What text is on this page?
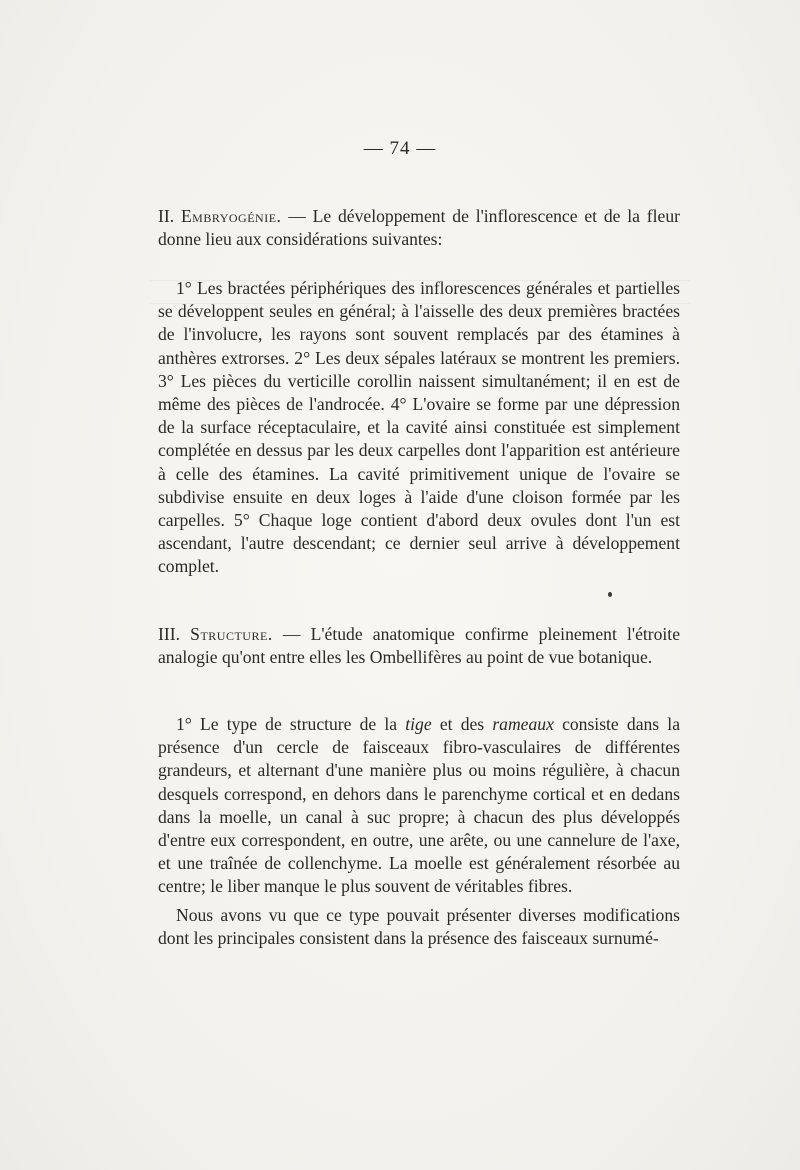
— 74 —
II. Embryogénie. — Le développement de l'inflorescence et de la fleur donne lieu aux considérations suivantes:
1° Les bractées périphériques des inflorescences générales et partielles se développent seules en général; à l'aisselle des deux premières bractées de l'involucre, les rayons sont souvent remplacés par des étamines à anthères extrorses. 2° Les deux sépales latéraux se montrent les premiers. 3° Les pièces du verticille corollin naissent simultanément; il en est de même des pièces de l'androcée. 4° L'ovaire se forme par une dépression de la surface réceptaculaire, et la cavité ainsi constituée est simplement complétée en dessus par les deux carpelles dont l'apparition est antérieure à celle des étamines. La cavité primitivement unique de l'ovaire se subdivise ensuite en deux loges à l'aide d'une cloison formée par les carpelles. 5° Chaque loge contient d'abord deux ovules dont l'un est ascendant, l'autre descendant; ce dernier seul arrive à développement complet.
III. Structure. — L'étude anatomique confirme pleinement l'étroite analogie qu'ont entre elles les Ombellifères au point de vue botanique.
1° Le type de structure de la tige et des rameaux consiste dans la présence d'un cercle de faisceaux fibro-vasculaires de différentes grandeurs, et alternant d'une manière plus ou moins régulière, à chacun desquels correspond, en dehors dans le parenchyme cortical et en dedans dans la moelle, un canal à suc propre; à chacun des plus développés d'entre eux correspondent, en outre, une arête, ou une cannelure de l'axe, et une traînée de collenchyme. La moelle est généralement résorbée au centre; le liber manque le plus souvent de véritables fibres.
Nous avons vu que ce type pouvait présenter diverses modifications dont les principales consistent dans la présence des faisceaux surnumé-
